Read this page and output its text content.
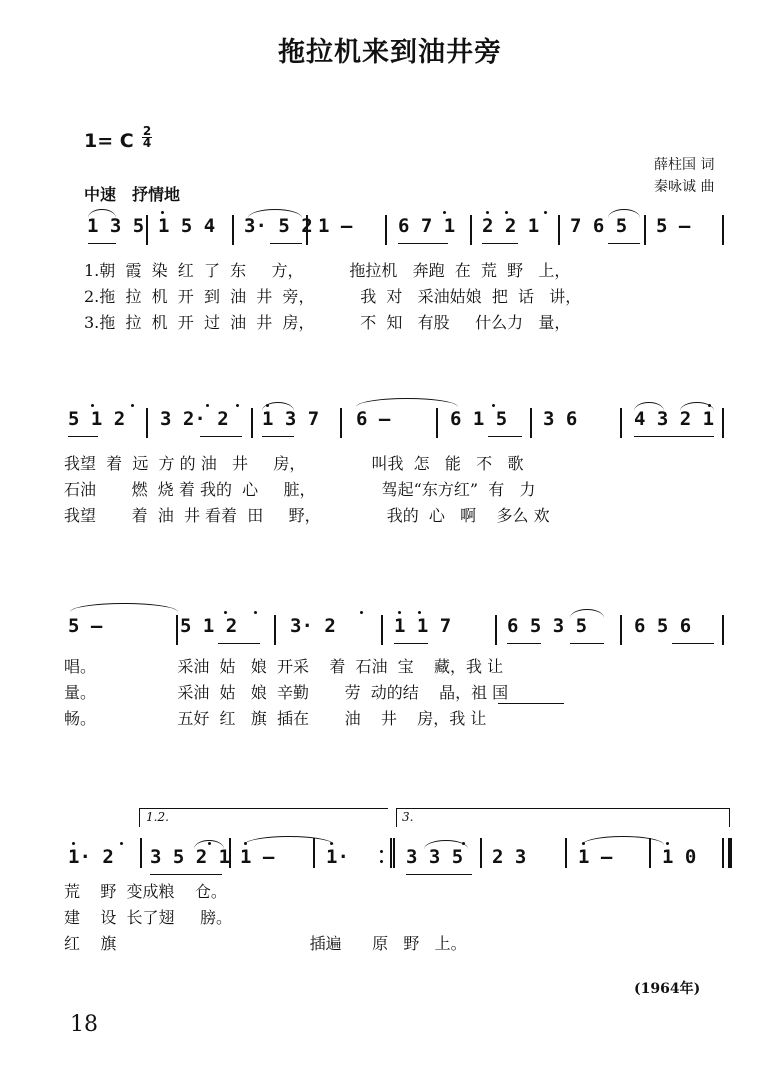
拖拉机来到油井旁
1= C 2
4
薛柱国 词
秦咏诚 曲
中速　抒情地
1 3 5 1 5 4 3· 5 2 1 – 6 7 1 2 2 1 7 6 5 5 –
1.朝  霞  染  红  了  东     方，         拖拉机   奔跑  在  荒  野   上，
2.拖  拉  机  开  到  油  井  旁，         我  对   采油姑娘  把  话   讲，
3.拖  拉  机  开  过  油  井  房，         不  知   有股     什么力   量，
5 1 2 3 2· 2 1 3 7 6 –	6 1 5 3 6	4 3 2 1
我望  着  远  方 的 油   井     房，             叫我  怎   能   不   歌
石油       燃  烧 着 我的  心     脏，             驾起“东方红”  有   力
我望       着  油  井 看着  田     野，             我的  心   啊    多么 欢
5 –	5 1 2	3· 2	1 1 7	6 5 3 5 6 5 6
唱。                采油  姑   娘  开采    着  石油  宝    藏，我 让
量。                采油  姑   娘  辛勤       劳  动的结    晶，祖 国
畅。                五好  红   旗  插在       油    井    房，我 让
1.2.	3.
1· 2 3 5 2 1 1 –	1·	3 3 5 2 3	1 –	1 0
荒    野  变成粮    仓。
建    设  长了翅     膀。
红    旗                                      插遍      原   野   上。
(1964年)
18
